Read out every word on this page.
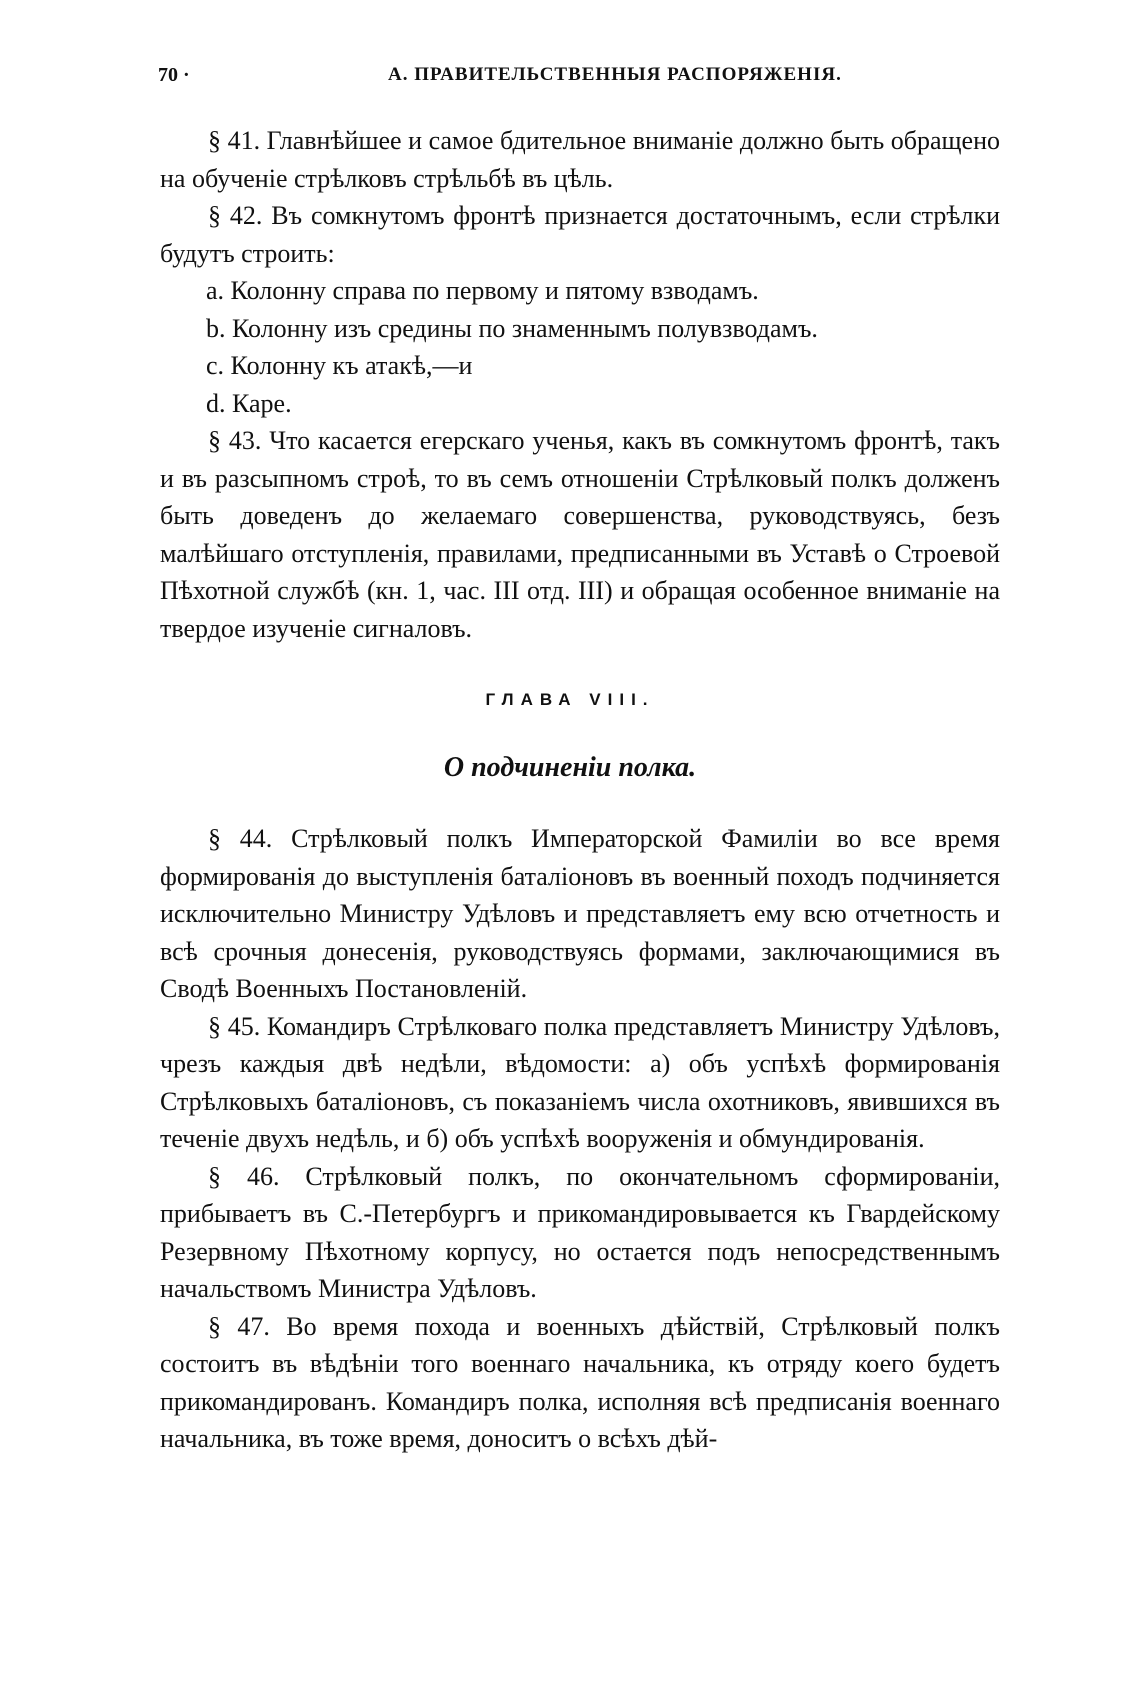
70 ·	А. ПРАВИТЕЛЬСТВЕННЫЯ РАСПОРЯЖЕНІЯ.

§ 41. Главнѣйшее и самое бдительное вниманіе должно быть обращено на обученіе стрѣлковъ стрѣльбѣ въ цѣль.

§ 42. Въ сомкнутомъ фронтѣ признается достаточнымъ, если стрѣлки будутъ строить:

a. Колонну справа по первому и пятому взводамъ.
b. Колонну изъ средины по знаменнымъ полувзводамъ.
c. Колонну къ атакѣ,—и
d. Каре.

§ 43. Что касается егерскаго ученья, какъ въ сомкнутомъ фронтѣ, такъ и въ разсыпномъ строѣ, то въ семъ отношеніи Стрѣлковый полкъ долженъ быть доведенъ до желаемаго совершенства, руководствуясь, безъ малѣйшаго отступленія, правилами, предписанными въ Уставѣ о Строевой Пѣхотной службѣ (кн. 1, час. III отд. III) и обращая особенное вниманіе на твердое изученіе сигналовъ.

ГЛАВА VIII.
О подчиненіи полка.

§ 44. Стрѣлковый полкъ Императорской Фамиліи во все время формированія до выступленія баталіоновъ въ военный походъ подчиняется исключительно Министру Удѣловъ и представляетъ ему всю отчетность и всѣ срочныя донесенія, руководствуясь формами, заключающимися въ Сводѣ Военныхъ Постановленій.

§ 45. Командиръ Стрѣлковаго полка представляетъ Министру Удѣловъ, чрезъ каждыя двѣ недѣли, вѣдомости: а) объ успѣхѣ формированія Стрѣлковыхъ баталіоновъ, съ показаніемъ числа охотниковъ, явившихся въ теченіе двухъ недѣль, и б) объ успѣхѣ вооруженія и обмундированія.

§ 46. Стрѣлковый полкъ, по окончательномъ сформированіи, прибываетъ въ С.-Петербургъ и прикомандировывается къ Гвардейскому Резервному Пѣхотному корпусу, но остается подъ непосредственнымъ начальствомъ Министра Удѣловъ.

§ 47. Во время похода и военныхъ дѣйствій, Стрѣлковый полкъ состоитъ въ вѣдѣніи того военнаго начальника, къ отряду коего будетъ прикомандированъ. Командиръ полка, исполняя всѣ предписанія военнаго начальника, въ тоже время, доноситъ о всѣхъ дѣй-
